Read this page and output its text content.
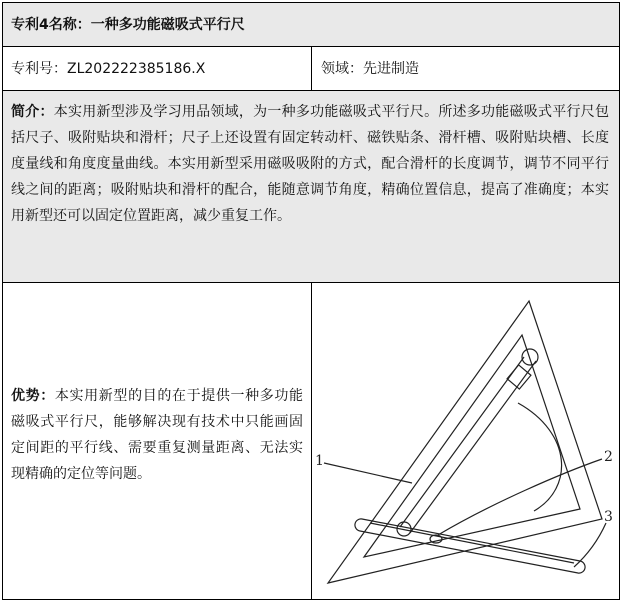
专利4名称：一种多功能磁吸式平行尺
专利号：ZL202222385186.X	领域：先进制造
简介：本实用新型涉及学习用品领域，为一种多功能磁吸式平行尺。所述多功能磁吸式平行尺包括尺子、吸附贴块和滑杆；尺子上还设置有固定转动杆、磁铁贴条、滑杆槽、吸附贴块槽、长度度量线和角度度量曲线。本实用新型采用磁吸吸附的方式，配合滑杆的长度调节，调节不同平行线之间的距离；吸附贴块和滑杆的配合，能随意调节角度，精确位置信息，提高了准确度；本实用新型还可以固定位置距离，减少重复工作。
优势：本实用新型的目的在于提供一种多功能磁吸式平行尺，能够解决现有技术中只能画固定间距的平行线、需要重复测量距离、无法实现精确的定位等问题。
1	2
3
